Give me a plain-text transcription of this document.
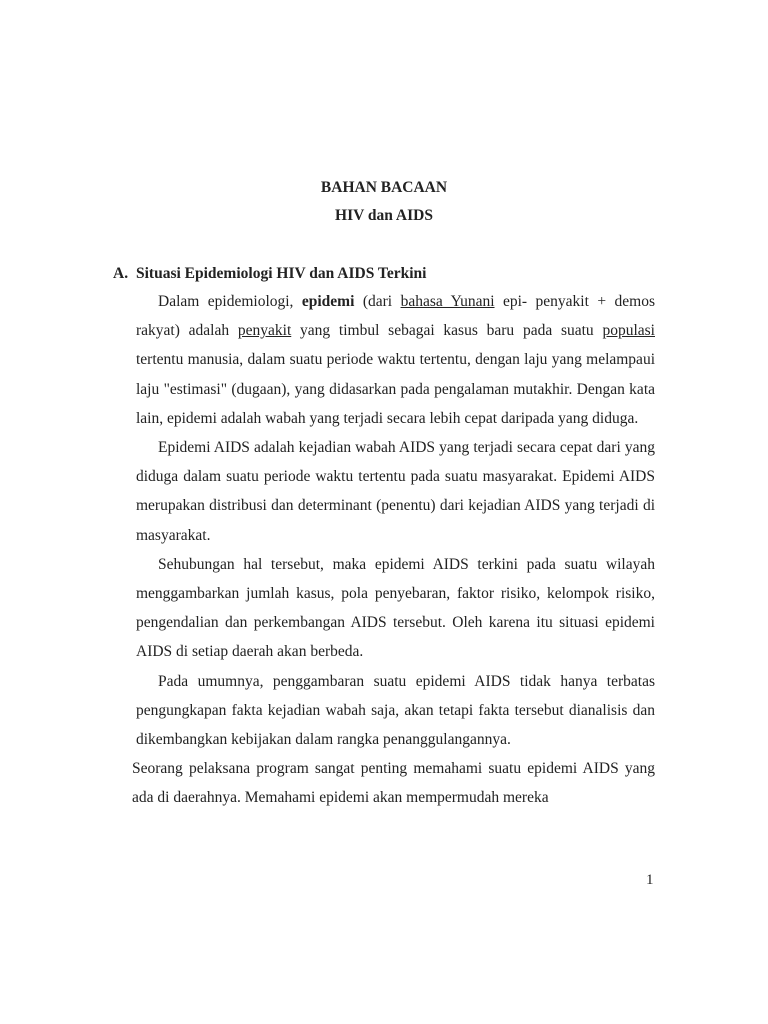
BAHAN BACAAN
HIV dan AIDS
A. Situasi Epidemiologi HIV dan AIDS Terkini

Dalam epidemiologi, epidemi (dari bahasa Yunani epi- penyakit + demos rakyat) adalah penyakit yang timbul sebagai kasus baru pada suatu populasi tertentu manusia, dalam suatu periode waktu tertentu, dengan laju yang melampaui laju "estimasi" (dugaan), yang didasarkan pada pengalaman mutakhir. Dengan kata lain, epidemi adalah wabah yang terjadi secara lebih cepat daripada yang diduga.

Epidemi AIDS adalah kejadian wabah AIDS yang terjadi secara cepat dari yang diduga dalam suatu periode waktu tertentu pada suatu masyarakat. Epidemi AIDS merupakan distribusi dan determinant (penentu) dari kejadian AIDS yang terjadi di masyarakat.

Sehubungan hal tersebut, maka epidemi AIDS terkini pada suatu wilayah menggambarkan jumlah kasus, pola penyebaran, faktor risiko, kelompok risiko, pengendalian dan perkembangan AIDS tersebut. Oleh karena itu situasi epidemi AIDS di setiap daerah akan berbeda.

Pada umumnya, penggambaran suatu epidemi AIDS tidak hanya terbatas pengungkapan fakta kejadian wabah saja, akan tetapi fakta tersebut dianalisis dan dikembangkan kebijakan dalam rangka penanggulangannya.

Seorang pelaksana program sangat penting memahami suatu epidemi AIDS yang ada di daerahnya. Memahami epidemi akan mempermudah mereka

1
